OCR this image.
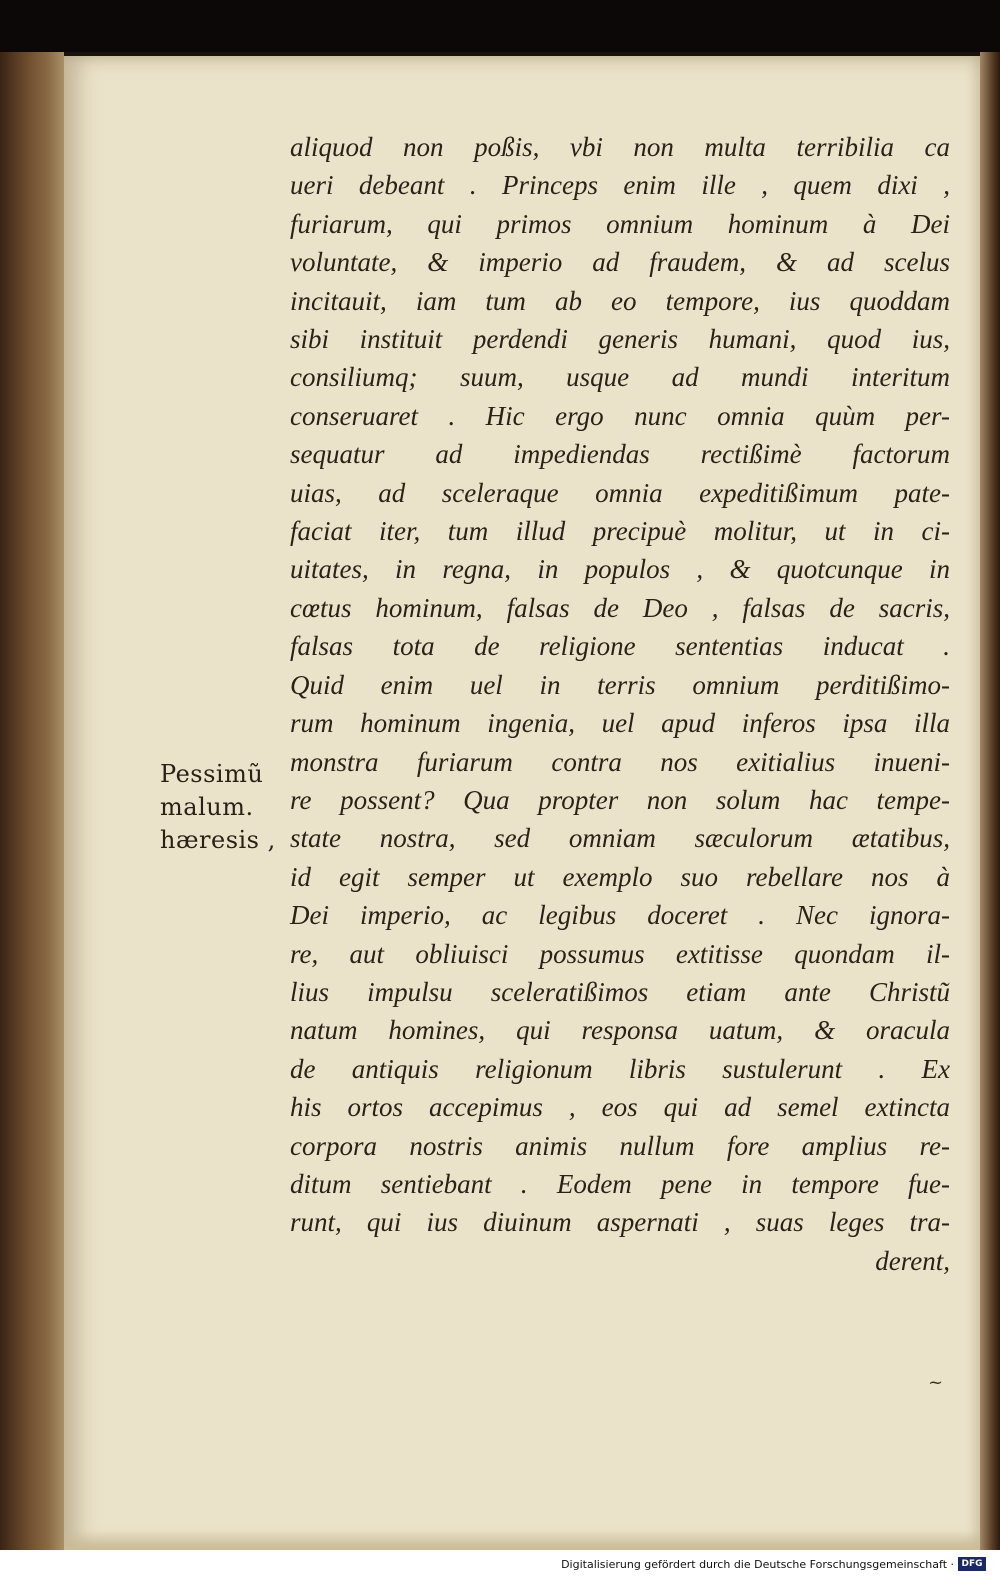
Pessimũ
malum.
hæresis ,
aliquod non poßis, vbi non multa terribilia ca
ueri debeant . Princeps enim ille , quem dixi ,
furiarum, qui primos omnium hominum à Dei
voluntate, & imperio ad fraudem, & ad scelus
incitauit, iam tum ab eo tempore, ius quoddam
sibi instituit perdendi generis humani, quod ius,
consiliumq; suum, usque ad mundi interitum
conseruaret . Hic ergo nunc omnia quùm per-
sequatur ad impediendas rectißimè factorum
uias, ad sceleraque omnia expeditißimum pate-
faciat iter, tum illud precipuè molitur, ut in ci-
uitates, in regna, in populos , & quotcunque in
cœtus hominum, falsas de Deo , falsas de sacris,
falsas tota de religione sententias inducat .
Quid enim uel in terris omnium perditißimo-
rum hominum ingenia, uel apud inferos ipsa illa
monstra furiarum contra nos exitialius inueni-
re possent? Qua propter non solum hac tempe-
state nostra, sed omniam sæculorum ætatibus,
id egit semper ut exemplo suo rebellare nos à
Dei imperio, ac legibus doceret . Nec ignora-
re, aut obliuisci possumus extitisse quondam il-
lius impulsu sceleratißimos etiam ante Christũ
natum homines, qui responsa uatum, & oracula
de antiquis religionum libris sustulerunt . Ex
his ortos accepimus , eos qui ad semel extincta
corpora nostris animis nullum fore amplius re-
ditum sentiebant . Eodem pene in tempore fue-
runt, qui ius diuinum aspernati , suas leges tra-
derent,
~
Digitalisierung gefördert durch die Deutsche Forschungsgemeinschaft · DFG
